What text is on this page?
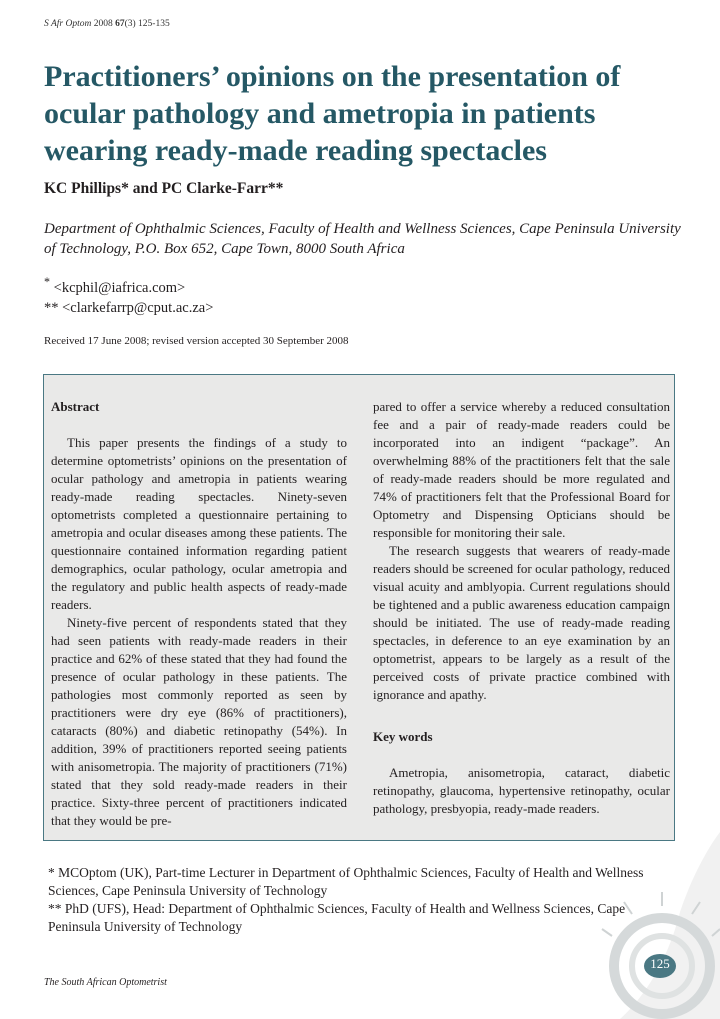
S Afr Optom 2008 67(3) 125-135
Practitioners’ opinions on the presentation of ocular pathology and ametropia in patients wearing ready-made reading spectacles
KC Phillips* and PC Clarke-Farr**
Department of Ophthalmic Sciences, Faculty of Health and Wellness Sciences, Cape Peninsula University of Technology, P.O. Box 652, Cape Town, 8000 South Africa
* <kcphil@iafrica.com>
** <clarkefarrp@cput.ac.za>
Received 17 June 2008; revised version accepted 30 September 2008
Abstract

This paper presents the findings of a study to determine optometrists’ opinions on the presentation of ocular pathology and ametropia in patients wearing ready-made reading spectacles. Ninety-seven optometrists completed a questionnaire pertaining to ametropia and ocular diseases among these patients. The questionnaire contained information regarding patient demographics, ocular pathology, ocular ametropia and the regulatory and public health aspects of ready-made readers.

Ninety-five percent of respondents stated that they had seen patients with ready-made readers in their practice and 62% of these stated that they had found the presence of ocular pathology in these patients. The pathologies most commonly reported as seen by practitioners were dry eye (86% of practitioners), cataracts (80%) and diabetic retinopathy (54%). In addition, 39% of practitioners reported seeing patients with anisometropia. The majority of practitioners (71%) stated that they sold ready-made readers in their practice. Sixty-three percent of practitioners indicated that they would be pre-

pared to offer a service whereby a reduced consultation fee and a pair of ready-made readers could be incorporated into an indigent “package”. An overwhelming 88% of the practitioners felt that the sale of ready-made readers should be more regulated and 74% of practitioners felt that the Professional Board for Optometry and Dispensing Opticians should be responsible for monitoring their sale.

The research suggests that wearers of ready-made readers should be screened for ocular pathology, reduced visual acuity and amblyopia. Current regulations should be tightened and a public awareness education campaign should be initiated. The use of ready-made reading spectacles, in deference to an eye examination by an optometrist, appears to be largely as a result of the perceived costs of private practice combined with ignorance and apathy.

Key words

Ametropia, anisometropia, cataract, diabetic retinopathy, glaucoma, hypertensive retinopathy, ocular pathology, presbyopia, ready-made readers.

* MCOptom (UK), Part-time Lecturer in Department of Ophthalmic Sciences, Faculty of Health and Wellness Sciences, Cape Peninsula University of Technology

** PhD (UFS), Head: Department of Ophthalmic Sciences, Faculty of Health and Wellness Sciences, Cape Peninsula University of Technology

The South African Optometrist
125
